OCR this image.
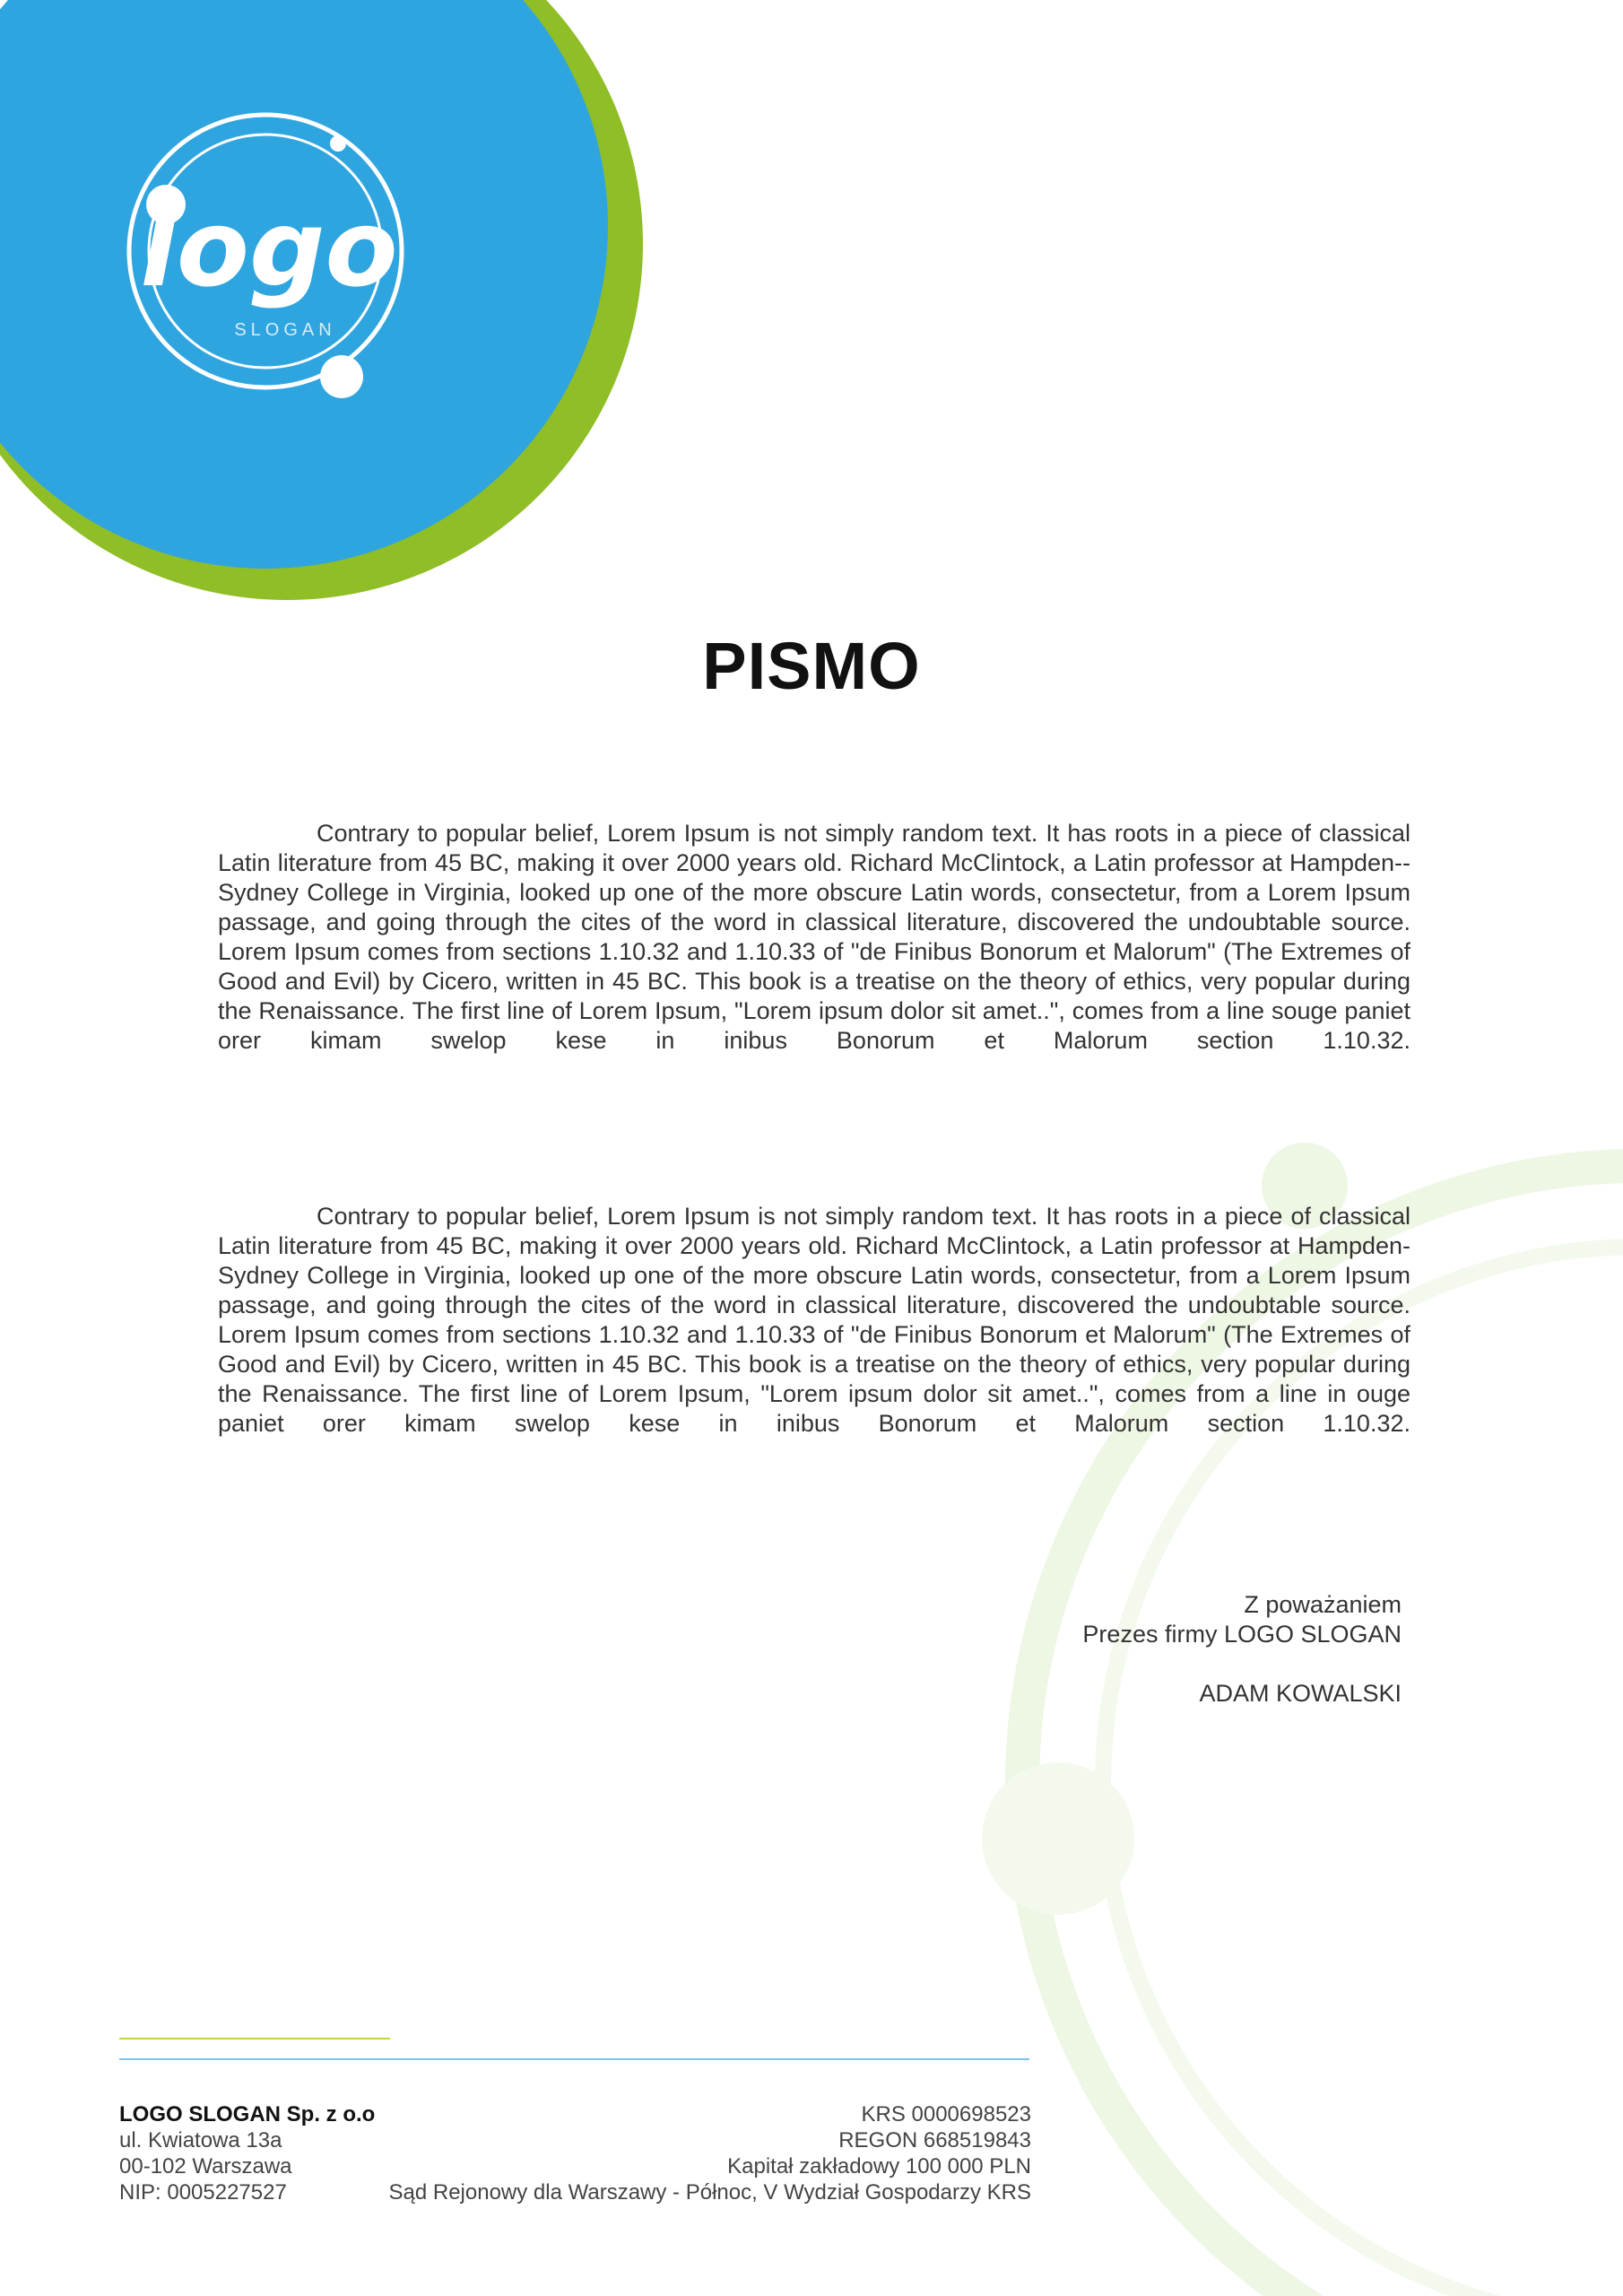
logo
SLOGAN
PISMO
Contrary to popular belief, Lorem Ipsum is not simply random text. It has roots in a piece of classical Latin literature from 45 BC, making it over 2000 years old. Richard McClintock, a Latin professor at Hampden--Sydney College in Virginia, looked up one of the more obscure Latin words, consectetur, from a Lorem Ipsum passage, and going through the cites of the word in classical literature, discovered the undoubtable source. Lorem Ipsum comes from sections 1.10.32 and 1.10.33 of "de Finibus Bonorum et Malorum" (The Extremes of Good and Evil) by Cicero, written in 45 BC. This book is a treatise on the theory of ethics, very popular during the Renaissance. The first line of Lorem Ipsum, "Lorem ipsum dolor sit amet..", comes from a line souge paniet orer kimam swelop kese in inibus Bonorum et Malorum section 1.10.32.
Contrary to popular belief, Lorem Ipsum is not simply random text. It has roots in a piece of classical Latin literature from 45 BC, making it over 2000 years old. Richard McClintock, a Latin professor at Hampden-Sydney College in Virginia, looked up one of the more obscure Latin words, consectetur, from a Lorem Ipsum passage, and going through the cites of the word in classical literature, discovered the undoubtable source. Lorem Ipsum comes from sections 1.10.32 and 1.10.33 of "de Finibus Bonorum et Malorum" (The Extremes of Good and Evil) by Cicero, written in 45 BC. This book is a treatise on the theory of ethics, very popular during the Renaissance. The first line of Lorem Ipsum, "Lorem ipsum dolor sit amet..", comes from a line in ouge paniet orer kimam swelop kese in inibus Bonorum et Malorum section 1.10.32.
Z poważaniem
Prezes firmy LOGO SLOGAN
ADAM KOWALSKI
LOGO SLOGAN Sp. z o.o
ul. Kwiatowa 13a
00-102 Warszawa
NIP: 0005227527
KRS 0000698523
REGON 668519843
Kapitał zakładowy 100 000 PLN
Sąd Rejonowy dla Warszawy - Północ, V Wydział Gospodarzy KRS
